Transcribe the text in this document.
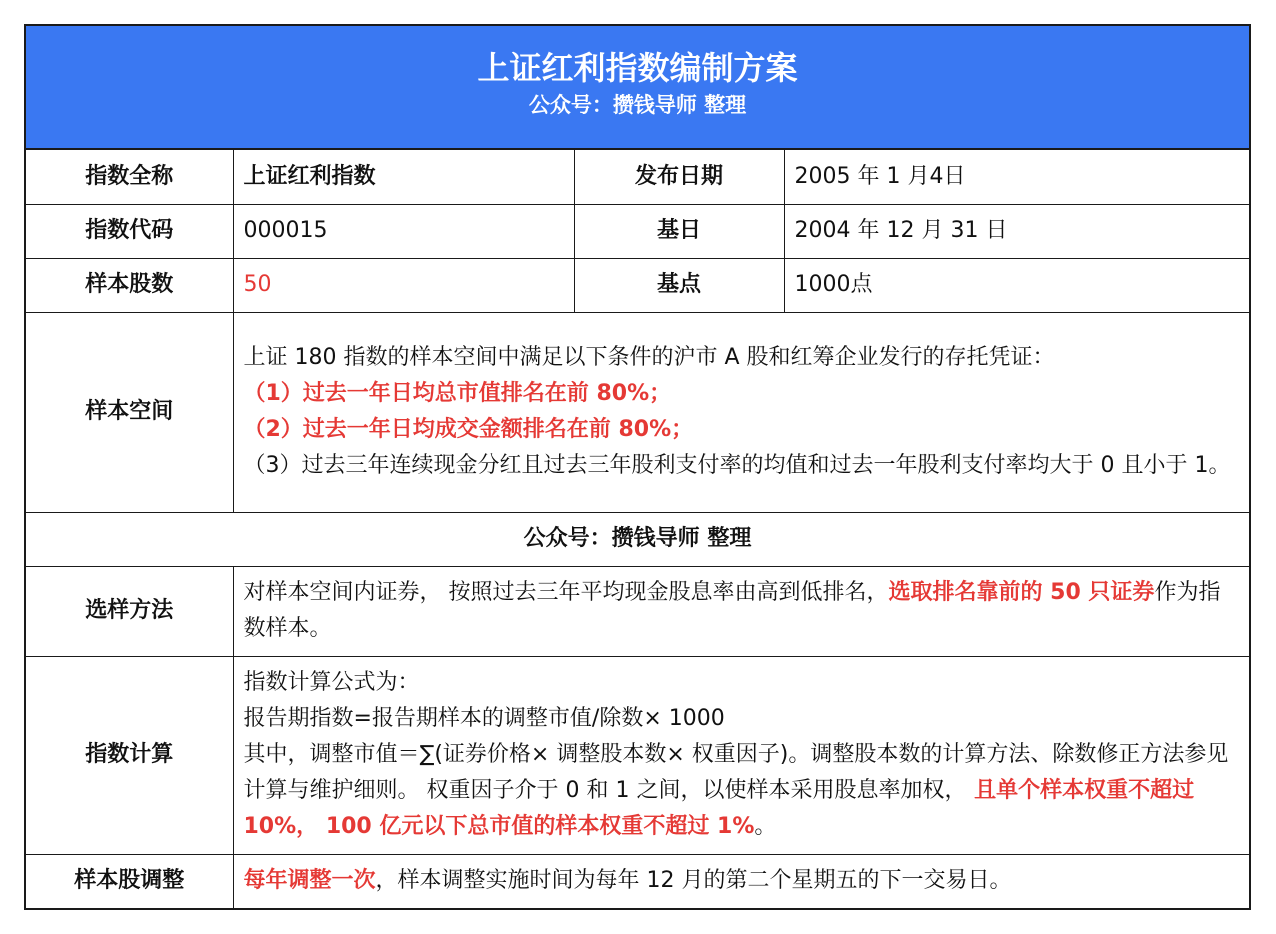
上证红利指数编制方案
公众号：攒钱导师 整理
指数全称	上证红利指数	发布日期	2005 年 1 月4日
指数代码	000015	基日	2004 年 12 月 31 日
样本股数	50	基点	1000点
样本空间	上证 180 指数的样本空间中满足以下条件的沪市 A 股和红筹企业发行的存托凭证：
（1）过去一年日均总市值排名在前 80%；
（2）过去一年日均成交金额排名在前 80%；
（3）过去三年连续现金分红且过去三年股利支付率的均值和过去一年股利支付率均大于 0 且小于 1。		

公众号：攒钱导师 整理			
选样方法	对样本空间内证券， 按照过去三年平均现金股息率由高到低排名，选取排名靠前的 50 只证券作为指数样本。		
指数计算	指数计算公式为：
报告期指数=报告期样本的调整市值/除数× 1000
其中，调整市值＝∑(证券价格× 调整股本数× 权重因子)。调整股本数的计算方法、除数修正方法参见计算与维护细则。 权重因子介于 0 和 1 之间，以使样本采用股息率加权， 且单个样本权重不超过 10%， 100 亿元以下总市值的样本权重不超过 1%。		
样本股调整	每年调整一次，样本调整实施时间为每年 12 月的第二个星期五的下一交易日。		
